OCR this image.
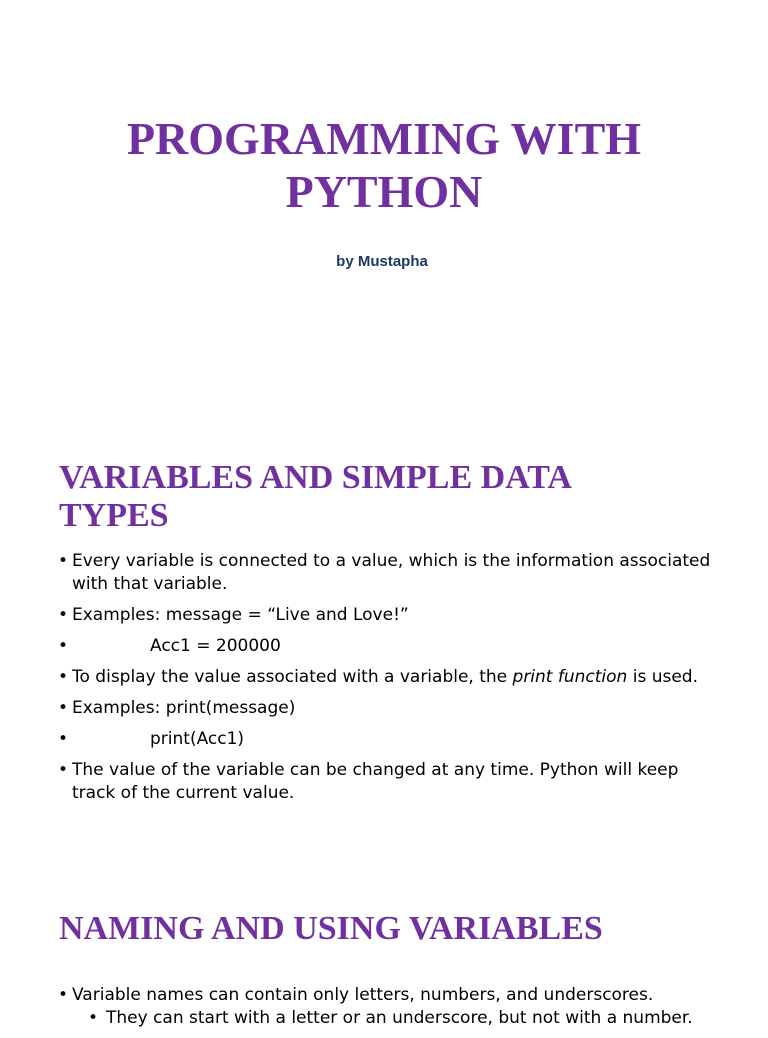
PROGRAMMING WITH
PYTHON

by Mustapha

VARIABLES AND SIMPLE DATA
TYPES
• Every variable is connected to a value, which is the information associated with that variable.
• Examples: message = “Live and Love!”
•	Acc1 = 200000
• To display the value associated with a variable, the print function is used.
• Examples: print(message)
•	print(Acc1)
• The value of the variable can be changed at any time. Python will keep track of the current value.
NAMING AND USING VARIABLES
• Variable names can contain only letters, numbers, and underscores.
• They can start with a letter or an underscore, but not with a number.
